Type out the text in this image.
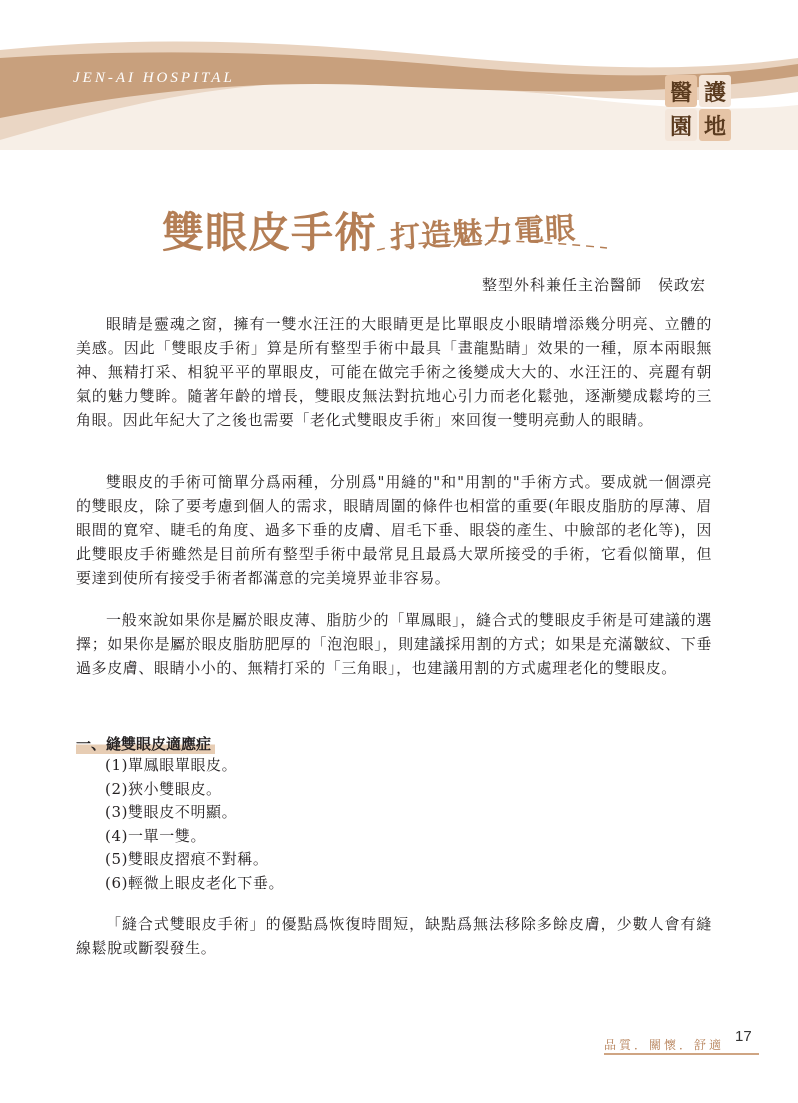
JEN-AI HOSPITAL
醫 護
園 地
雙眼皮手術 打造魅力電眼
整型外科兼任主治醫師　侯政宏

眼睛是靈魂之窗，擁有一雙水汪汪的大眼睛更是比單眼皮小眼睛增添幾分明亮、立體的美感。因此「雙眼皮手術」算是所有整型手術中最具「畫龍點睛」效果的一種，原本兩眼無神、無精打采、相貌平平的單眼皮，可能在做完手術之後變成大大的、水汪汪的、亮麗有朝氣的魅力雙眸。隨著年齡的增長，雙眼皮無法對抗地心引力而老化鬆弛，逐漸變成鬆垮的三角眼。因此年紀大了之後也需要「老化式雙眼皮手術」來回復一雙明亮動人的眼睛。

雙眼皮的手術可簡單分爲兩種，分別爲"用縫的"和"用割的"手術方式。要成就一個漂亮的雙眼皮，除了要考慮到個人的需求，眼睛周圍的條件也相當的重要(年眼皮脂肪的厚薄、眉眼間的寬窄、睫毛的角度、過多下垂的皮膚、眉毛下垂、眼袋的產生、中臉部的老化等)，因此雙眼皮手術雖然是目前所有整型手術中最常見且最爲大眾所接受的手術，它看似簡單，但要達到使所有接受手術者都滿意的完美境界並非容易。

一般來說如果你是屬於眼皮薄、脂肪少的「單鳳眼」，縫合式的雙眼皮手術是可建議的選擇；如果你是屬於眼皮脂肪肥厚的「泡泡眼」，則建議採用割的方式；如果是充滿皺紋、下垂過多皮膚、眼睛小小的、無精打采的「三角眼」，也建議用割的方式處理老化的雙眼皮。

一、縫雙眼皮適應症
(1)單鳳眼單眼皮。
(2)狹小雙眼皮。
(3)雙眼皮不明顯。
(4)一單一雙。
(5)雙眼皮摺痕不對稱。
(6)輕微上眼皮老化下垂。

「縫合式雙眼皮手術」的優點爲恢復時間短，缺點爲無法移除多餘皮膚，少數人會有縫線鬆脫或斷裂發生。

品質．關懷．舒適 17
